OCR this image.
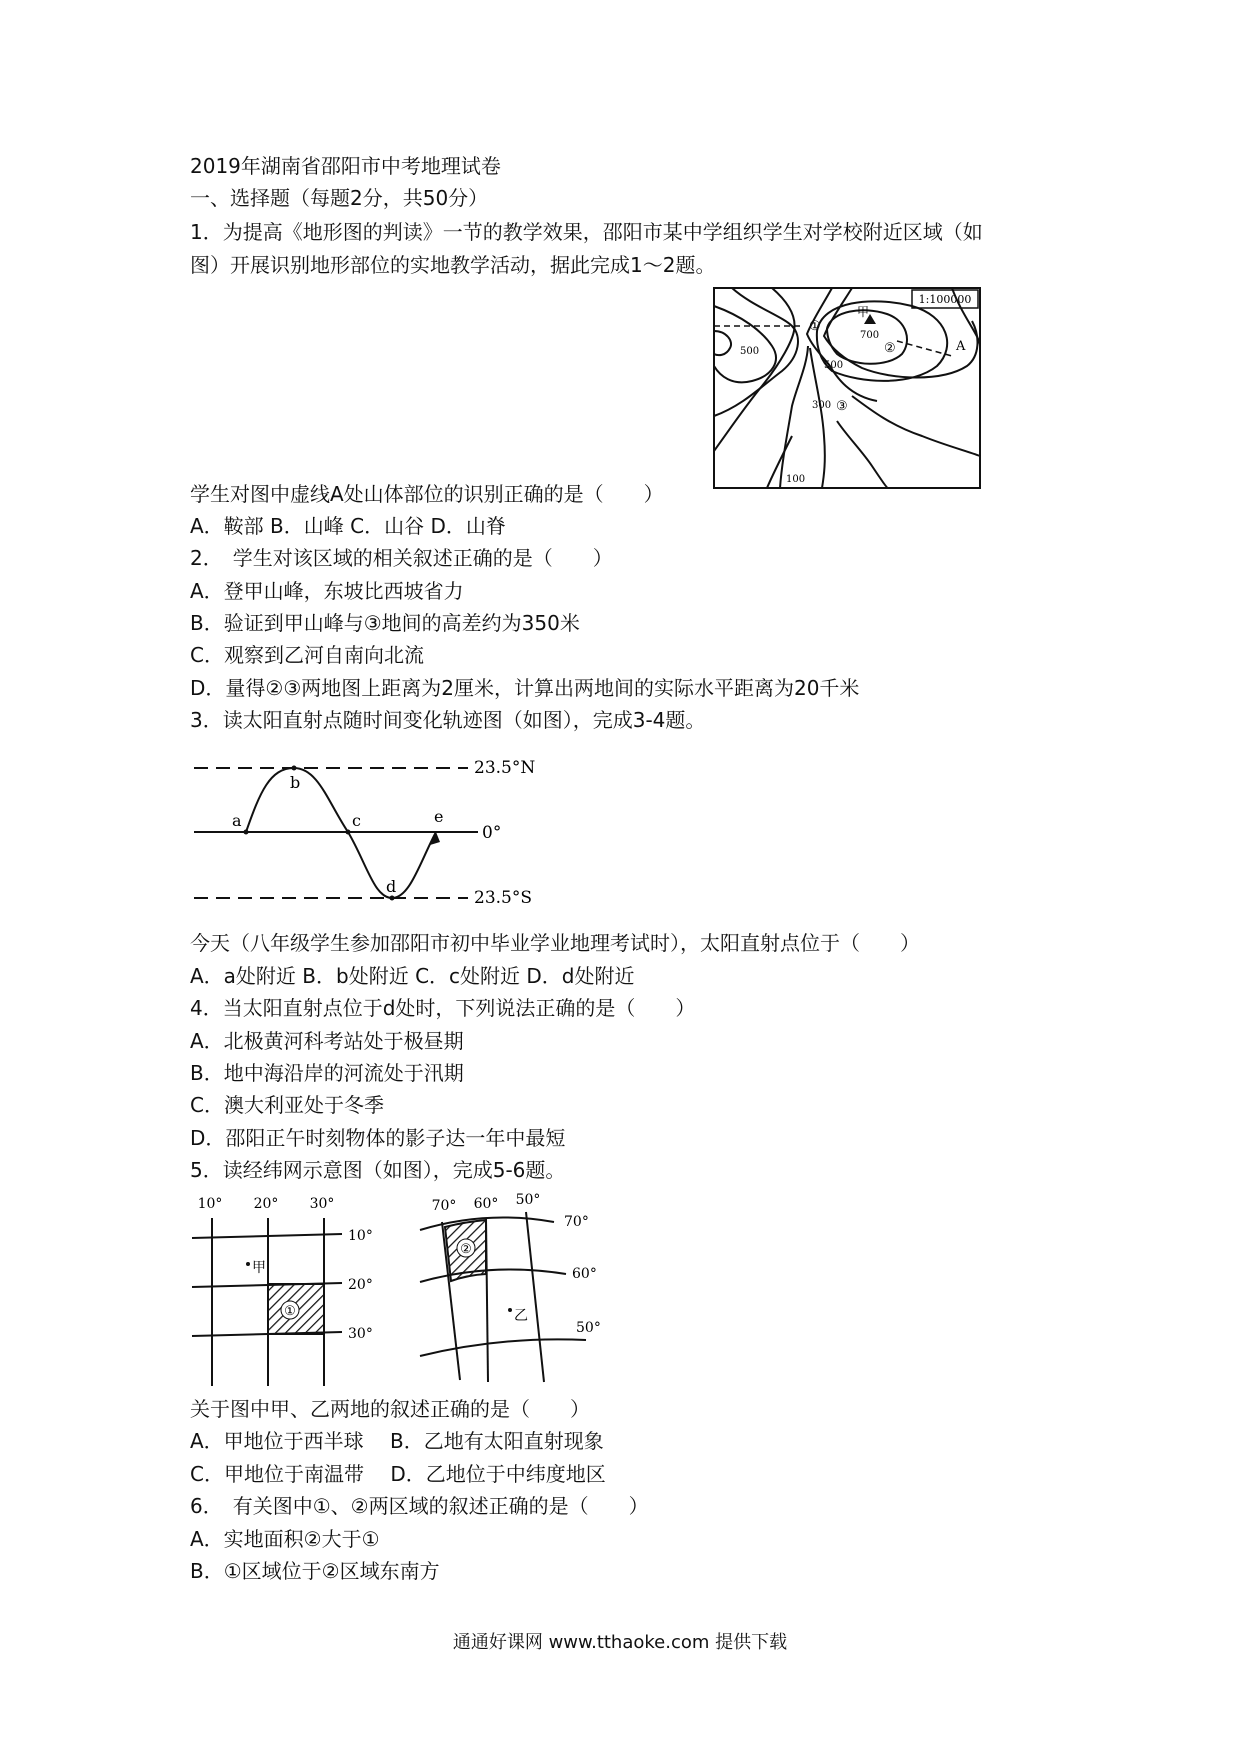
2019年湖南省邵阳市中考地理试卷
一、选择题（每题2分，共50分）
1．为提高《地形图的判读》一节的教学效果，邵阳市某中学组织学生对学校附近区域（如
图）开展识别地形部位的实地教学活动，据此完成1～2题。
1:100000
甲
700
①
②	A
500
500
300 ③
100
学生对图中虚线A处山体部位的识别正确的是（　　）
A．鞍部 B．山峰 C．山谷 D．山脊
2．　学生对该区域的相关叙述正确的是（　　）
A．登甲山峰，东坡比西坡省力
B．验证到甲山峰与③地间的高差约为350米
C．观察到乙河自南向北流
D．量得②③两地图上距离为2厘米，计算出两地间的实际水平距离为20千米
3．读太阳直射点随时间变化轨迹图（如图），完成3-4题。
23.5°N
0°
23.5°S
a
b
c
d
e
今天（八年级学生参加邵阳市初中毕业学业地理考试时），太阳直射点位于（　　）
A．a处附近 B．b处附近 C．c处附近 D．d处附近
4．当太阳直射点位于d处时，下列说法正确的是（　　）
A．北极黄河科考站处于极昼期
B．地中海沿岸的河流处于汛期
C．澳大利亚处于冬季
D．邵阳正午时刻物体的影子达一年中最短
5．读经纬网示意图（如图），完成5-6题。
10° 20° 30°
①
甲
10°
20°
30°
70° 60° 50°
②
乙
70°
60°
50°
关于图中甲、乙两地的叙述正确的是（　　）
A．甲地位于西半球　 B．乙地有太阳直射现象
C．甲地位于南温带　 D．乙地位于中纬度地区
6．　有关图中①、②两区域的叙述正确的是（　　）
A．实地面积②大于①
B．①区域位于②区域东南方
通通好课网 www.tthaoke.com 提供下载
